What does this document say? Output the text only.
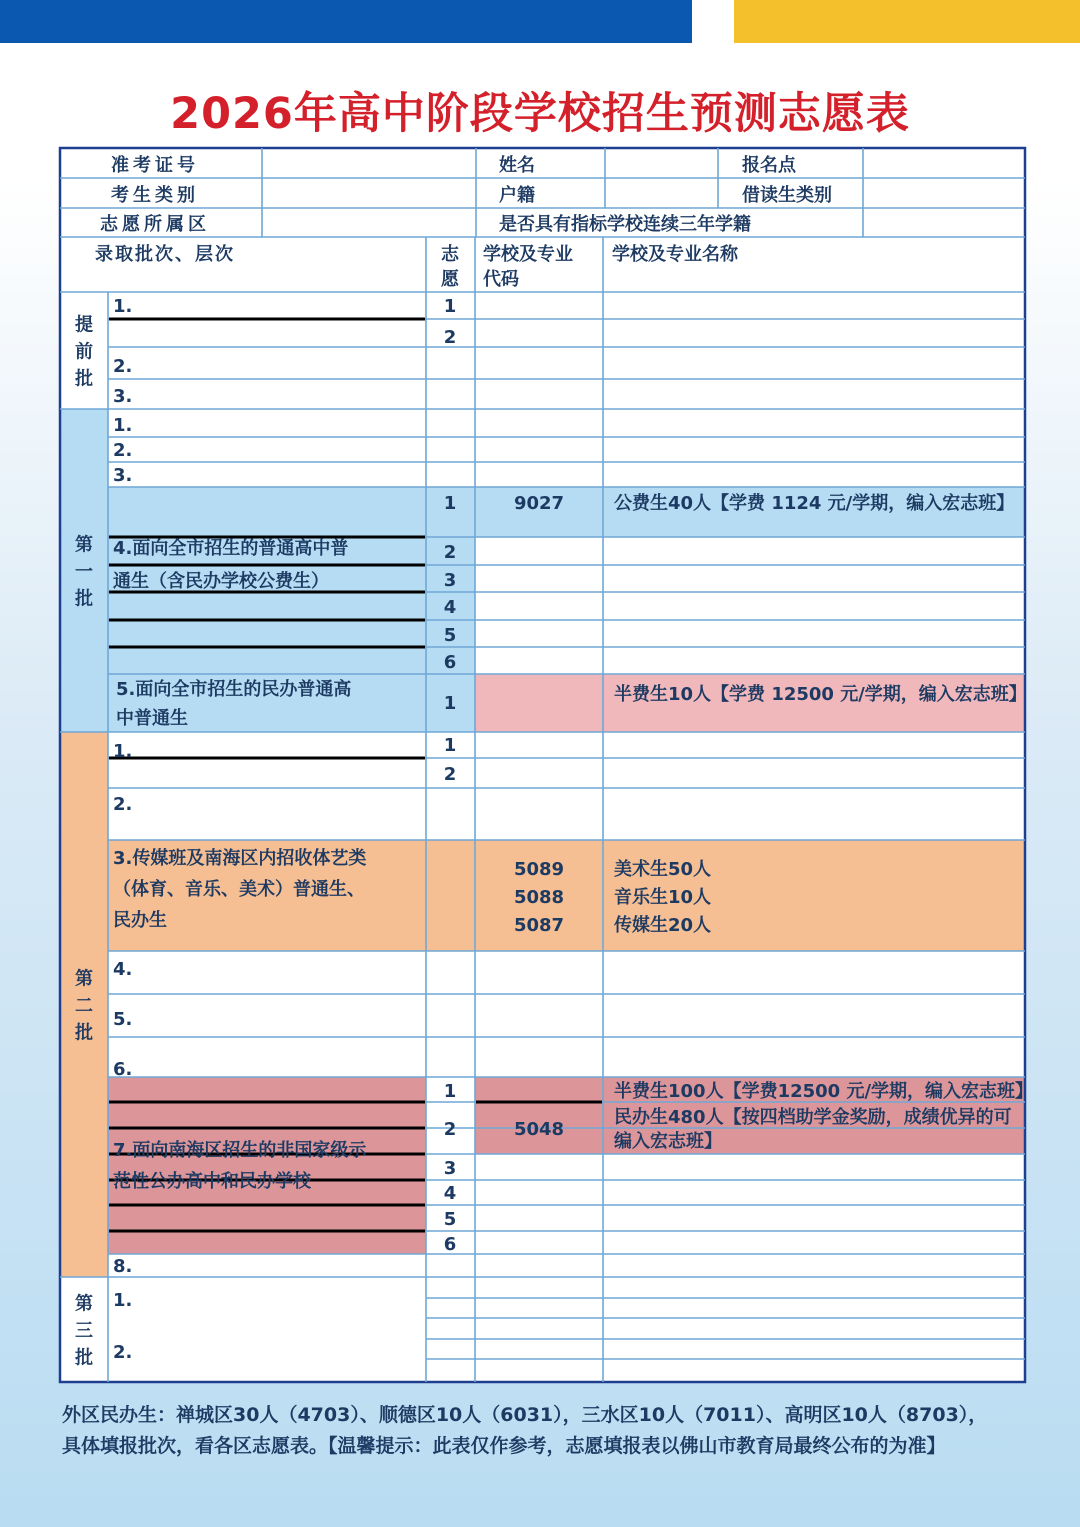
2026年高中阶段学校招生预测志愿表
准考证号
考生类别
志愿所属区
姓名
户籍
是否具有指标学校连续三年学籍
报名点
借读生类别
录取批次、层次	志愿
学校及专业代码
学校及专业名称
提前批
第一批
第二批
第三批
1.
2.
3.
1.
2.
3.
4.面向全市招生的普通高中普通生（含民办学校公费生）
5.面向全市招生的民办普通高中普通生
1.
2.
3.传媒班及南海区内招收体艺类（体育、音乐、美术）普通生、民办生
4.
5.
6.
7.面向南海区招生的非国家级示范性公办高中和民办学校
8.
1.
2.
1
2
1
2
3
4
5
6
1
1
2
1
2
3
4
5
6
9027	公费生40人【学费 1124 元/学期，编入宏志班】
半费生10人【学费 12500 元/学期，编入宏志班】
5089
5088
5087
美术生50人
音乐生10人
传媒生20人
5048
半费生100人【学费12500 元/学期，编入宏志班】
民办生480人【按四档助学金奖励，成绩优异的可编入宏志班】
外区民办生：禅城区30人（4703）、顺德区10人（6031），三水区10人（7011）、高明区10人（8703），
具体填报批次，看各区志愿表。【温馨提示：此表仅作参考，志愿填报表以佛山市教育局最终公布的为准】
